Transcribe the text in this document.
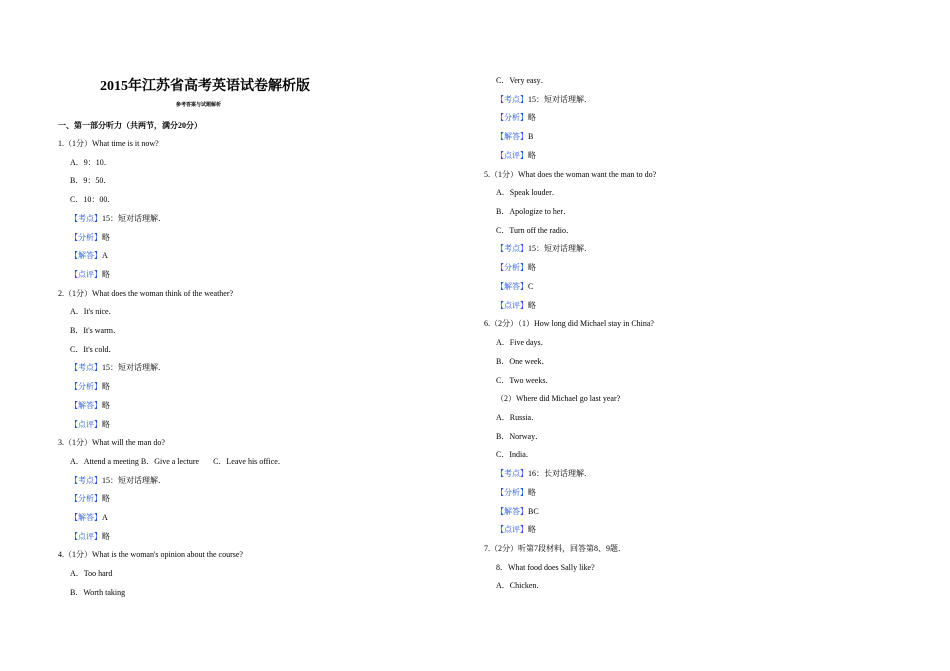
2015年江苏省高考英语试卷解析版
参考答案与试题解析
一、第一部分听力（共两节，满分20分）
1.（1分）What time is it now?
A．9：10．
B．9：50．
C．10：00．
【考点】15：短对话理解．
【分析】略
【解答】A
【点评】略
2.（1分）What does the woman think of the weather?
A．It's nice．
B．It's warm．
C．It's cold．
【考点】15：短对话理解．
【分析】略
【解答】略
【点评】略
3.（1分）What will the man do?
A．Attend a meeting B．Give a lecture C．Leave his office．
【考点】15：短对话理解．
【分析】略
【解答】A
【点评】略
4.（1分）What is the woman's opinion about the course?
A．Too hard
B．Worth taking
C．Very easy．
【考点】15：短对话理解．
【分析】略
【解答】B
【点评】略
5.（1分）What does the woman want the man to do?
A．Speak louder．
B．Apologize to her．
C．Turn off the radio．
【考点】15：短对话理解．
【分析】略
【解答】C
【点评】略
6.（2分）（1）How long did Michael stay in China?
A．Five days．
B．One week．
C．Two weeks．
（2）Where did Michael go last year?
A．Russia．
B．Norway．
C．India．
【考点】16：长对话理解．
【分析】略
【解答】BC
【点评】略
7.（2分）听第7段材料，回答第8、9题．
8．What food does Sally like?
A．Chicken．
